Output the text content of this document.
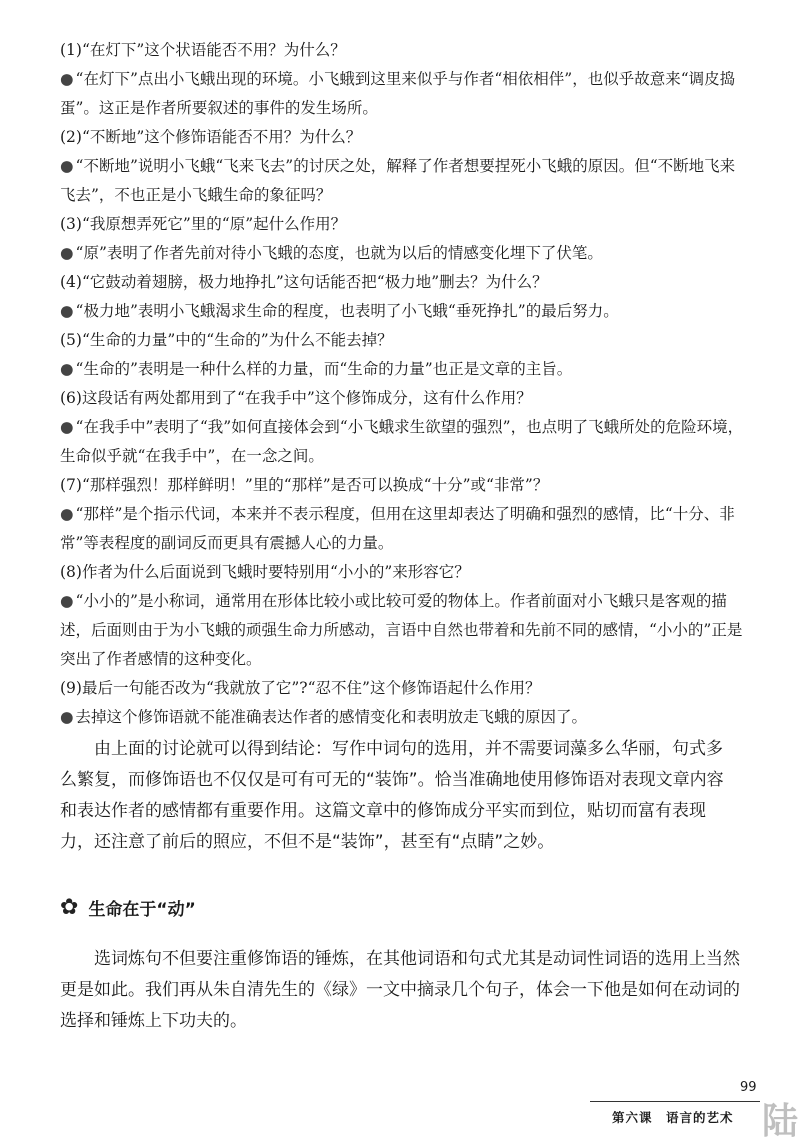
(1)“在灯下”这个状语能否不用？为什么？

● “在灯下”点出小飞蛾出现的环境。小飞蛾到这里来似乎与作者“相依相伴”，也似乎故意来“调皮捣蛋”。这正是作者所要叙述的事件的发生场所。

(2)“不断地”这个修饰语能否不用？为什么？

● “不断地”说明小飞蛾“飞来飞去”的讨厌之处，解释了作者想要捏死小飞蛾的原因。但“不断地飞来飞去”，不也正是小飞蛾生命的象征吗？

(3)“我原想弄死它”里的“原”起什么作用？

● “原”表明了作者先前对待小飞蛾的态度，也就为以后的情感变化埋下了伏笔。

(4)“它鼓动着翅膀，极力地挣扎”这句话能否把“极力地”删去？为什么？

● “极力地”表明小飞蛾渴求生命的程度，也表明了小飞蛾“垂死挣扎”的最后努力。

(5)“生命的力量”中的“生命的”为什么不能去掉？

● “生命的”表明是一种什么样的力量，而“生命的力量”也正是文章的主旨。

(6)这段话有两处都用到了“在我手中”这个修饰成分，这有什么作用？

● “在我手中”表明了“我”如何直接体会到“小飞蛾求生欲望的强烈”，也点明了飞蛾所处的危险环境，生命似乎就“在我手中”，在一念之间。

(7)“那样强烈！那样鲜明！”里的“那样”是否可以换成“十分”或“非常”？

● “那样”是个指示代词，本来并不表示程度，但用在这里却表达了明确和强烈的感情，比“十分、非常”等表程度的副词反而更具有震撼人心的力量。

(8)作者为什么后面说到飞蛾时要特别用“小小的”来形容它？

● “小小的”是小称词，通常用在形体比较小或比较可爱的物体上。作者前面对小飞蛾只是客观的描述，后面则由于为小飞蛾的顽强生命力所感动，言语中自然也带着和先前不同的感情，“小小的”正是突出了作者感情的这种变化。

(9)最后一句能否改为“我就放了它”?“忍不住”这个修饰语起什么作用？

● 去掉这个修饰语就不能准确表达作者的感情变化和表明放走飞蛾的原因了。

由上面的讨论就可以得到结论：写作中词句的选用，并不需要词藻多么华丽，句式多么繁复，而修饰语也不仅仅是可有可无的“装饰”。恰当准确地使用修饰语对表现文章内容和表达作者的感情都有重要作用。这篇文章中的修饰成分平实而到位，贴切而富有表现力，还注意了前后的照应，不但不是“装饰”，甚至有“点睛”之妙。

✿ 生命在于“动”

选词炼句不但要注重修饰语的锤炼，在其他词语和句式尤其是动词性词语的选用上当然更是如此。我们再从朱自清先生的《绿》一文中摘录几个句子，体会一下他是如何在动词的选择和锤炼上下功夫的。

99
第六课　语言的艺术 陆
